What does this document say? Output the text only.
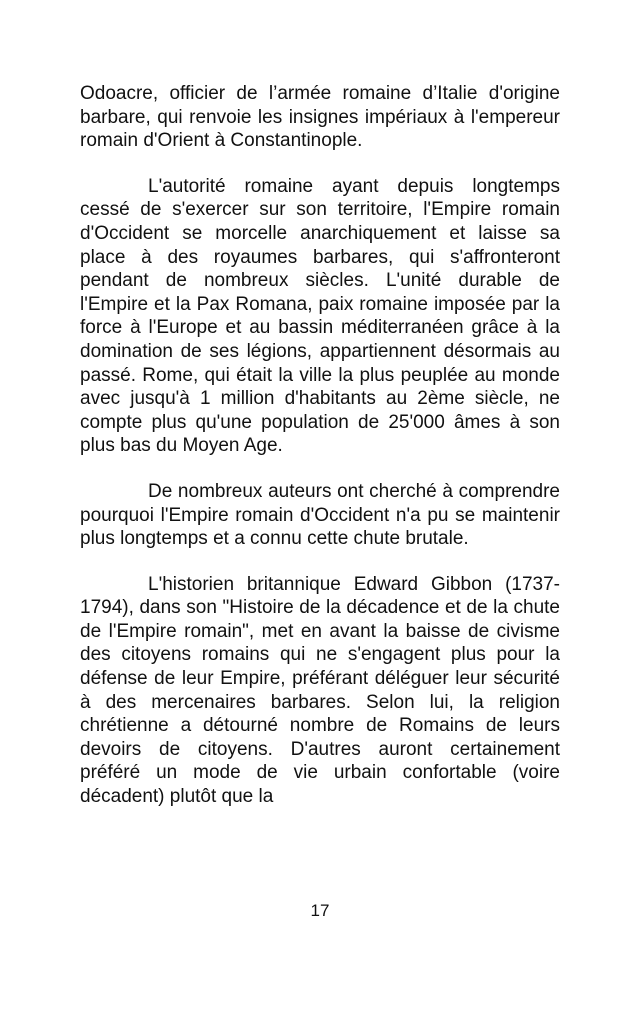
Odoacre, officier de l’armée romaine d’Italie d'origine barbare, qui renvoie les insignes impériaux à l'empereur romain d'Orient à Constantinople.

L'autorité romaine ayant depuis longtemps cessé de s'exercer sur son territoire, l'Empire romain d'Occident se morcelle anarchiquement et laisse sa place à des royaumes barbares, qui s'affronteront pendant de nombreux siècles. L'unité durable de l'Empire et la Pax Romana, paix romaine imposée par la force à l'Europe et au bassin méditerranéen grâce à la domination de ses légions, appartiennent désormais au passé. Rome, qui était la ville la plus peuplée au monde avec jusqu'à 1 million d'habitants au 2ème siècle, ne compte plus qu'une population de 25'000 âmes à son plus bas du Moyen Age.

De nombreux auteurs ont cherché à comprendre pourquoi l'Empire romain d'Occident n'a pu se maintenir plus longtemps et a connu cette chute brutale.

L'historien britannique Edward Gibbon (1737-1794), dans son "Histoire de la décadence et de la chute de l'Empire romain", met en avant la baisse de civisme des citoyens romains qui ne s'engagent plus pour la défense de leur Empire, préférant déléguer leur sécurité à des mercenaires barbares. Selon lui, la religion chrétienne a détourné nombre de Romains de leurs devoirs de citoyens. D'autres auront certainement préféré un mode de vie urbain confortable (voire décadent) plutôt que la

17
